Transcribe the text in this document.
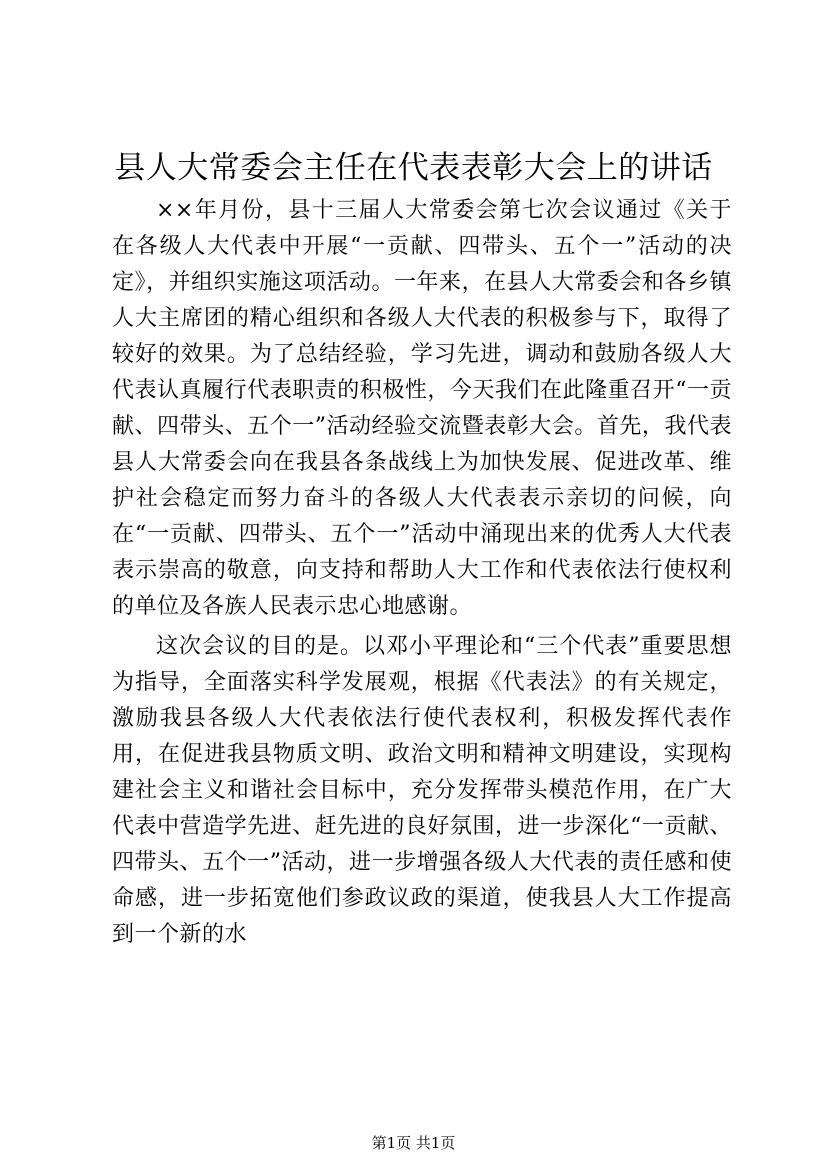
县人大常委会主任在代表表彰大会上的讲话

××年月份，县十三届人大常委会第七次会议通过《关于在各级人大代表中开展“一贡献、四带头、五个一”活动的决定》，并组织实施这项活动。一年来，在县人大常委会和各乡镇人大主席团的精心组织和各级人大代表的积极参与下，取得了较好的效果。为了总结经验，学习先进，调动和鼓励各级人大代表认真履行代表职责的积极性，今天我们在此隆重召开“一贡献、四带头、五个一”活动经验交流暨表彰大会。首先，我代表县人大常委会向在我县各条战线上为加快发展、促进改革、维护社会稳定而努力奋斗的各级人大代表表示亲切的问候，向在“一贡献、四带头、五个一”活动中涌现出来的优秀人大代表表示崇高的敬意，向支持和帮助人大工作和代表依法行使权利的单位及各族人民表示忠心地感谢。

这次会议的目的是。以邓小平理论和“三个代表”重要思想为指导，全面落实科学发展观，根据《代表法》的有关规定，激励我县各级人大代表依法行使代表权利，积极发挥代表作用，在促进我县物质文明、政治文明和精神文明建设，实现构建社会主义和谐社会目标中，充分发挥带头模范作用，在广大代表中营造学先进、赶先进的良好氛围，进一步深化“一贡献、四带头、五个一”活动，进一步增强各级人大代表的责任感和使命感，进一步拓宽他们参政议政的渠道，使我县人大工作提高到一个新的水

第1页 共1页
